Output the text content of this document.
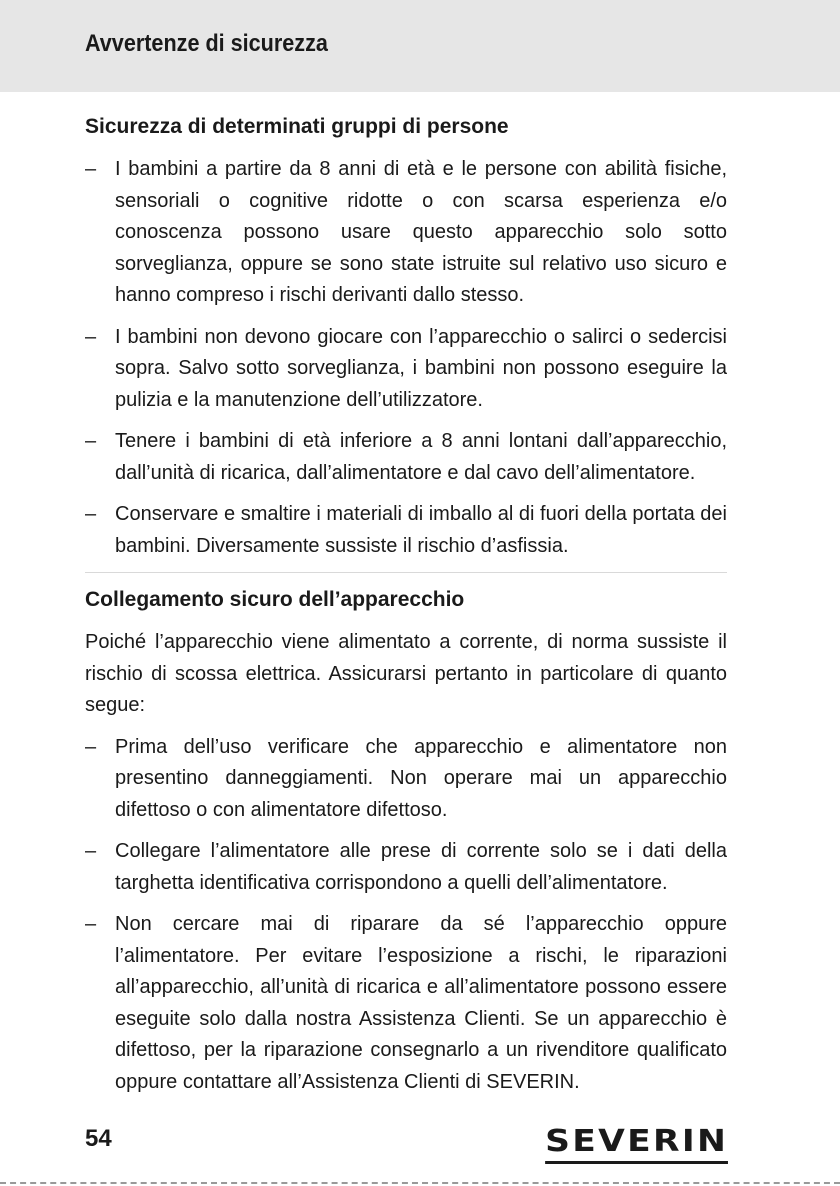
Avvertenze di sicurezza
Sicurezza di determinati gruppi di persone
– I bambini a partire da 8 anni di età e le persone con abilità fisiche, sensoriali o cognitive ridotte o con scarsa esperienza e/o conoscenza possono usare questo apparecchio solo sotto sorveglianza, oppure se sono state istruite sul relativo uso sicuro e hanno compreso i rischi derivanti dallo stesso.
– I bambini non devono giocare con l’apparecchio o salirci o sedercisi sopra. Salvo sotto sorveglianza, i bambini non possono eseguire la pulizia e la manutenzione dell’utilizzatore.
– Tenere i bambini di età inferiore a 8 anni lontani dall’apparecchio, dall’unità di ricarica, dall’alimentatore e dal cavo dell’alimentatore.
– Conservare e smaltire i materiali di imballo al di fuori della portata dei bambini. Diversamente sussiste il rischio d’asfissia.
Collegamento sicuro dell’apparecchio

Poiché l’apparecchio viene alimentato a corrente, di norma sussiste il rischio di scossa elettrica. Assicurarsi pertanto in particolare di quanto segue:

– Prima dell’uso verificare che apparecchio e alimentatore non presentino danneggiamenti. Non operare mai un apparecchio difettoso o con alimentatore difettoso.
– Collegare l’alimentatore alle prese di corrente solo se i dati della targhetta identificativa corrispondono a quelli dell’alimentatore.
– Non cercare mai di riparare da sé l’apparecchio oppure l’alimentatore. Per evitare l’esposizione a rischi, le riparazioni all’apparecchio, all’unità di ricarica e all’alimentatore possono essere eseguite solo dalla nostra Assistenza Clienti. Se un apparecchio è difettoso, per la riparazione consegnarlo a un rivenditore qualificato oppure contattare all’Assistenza Clienti di SEVERIN.
54	SEVERIN
